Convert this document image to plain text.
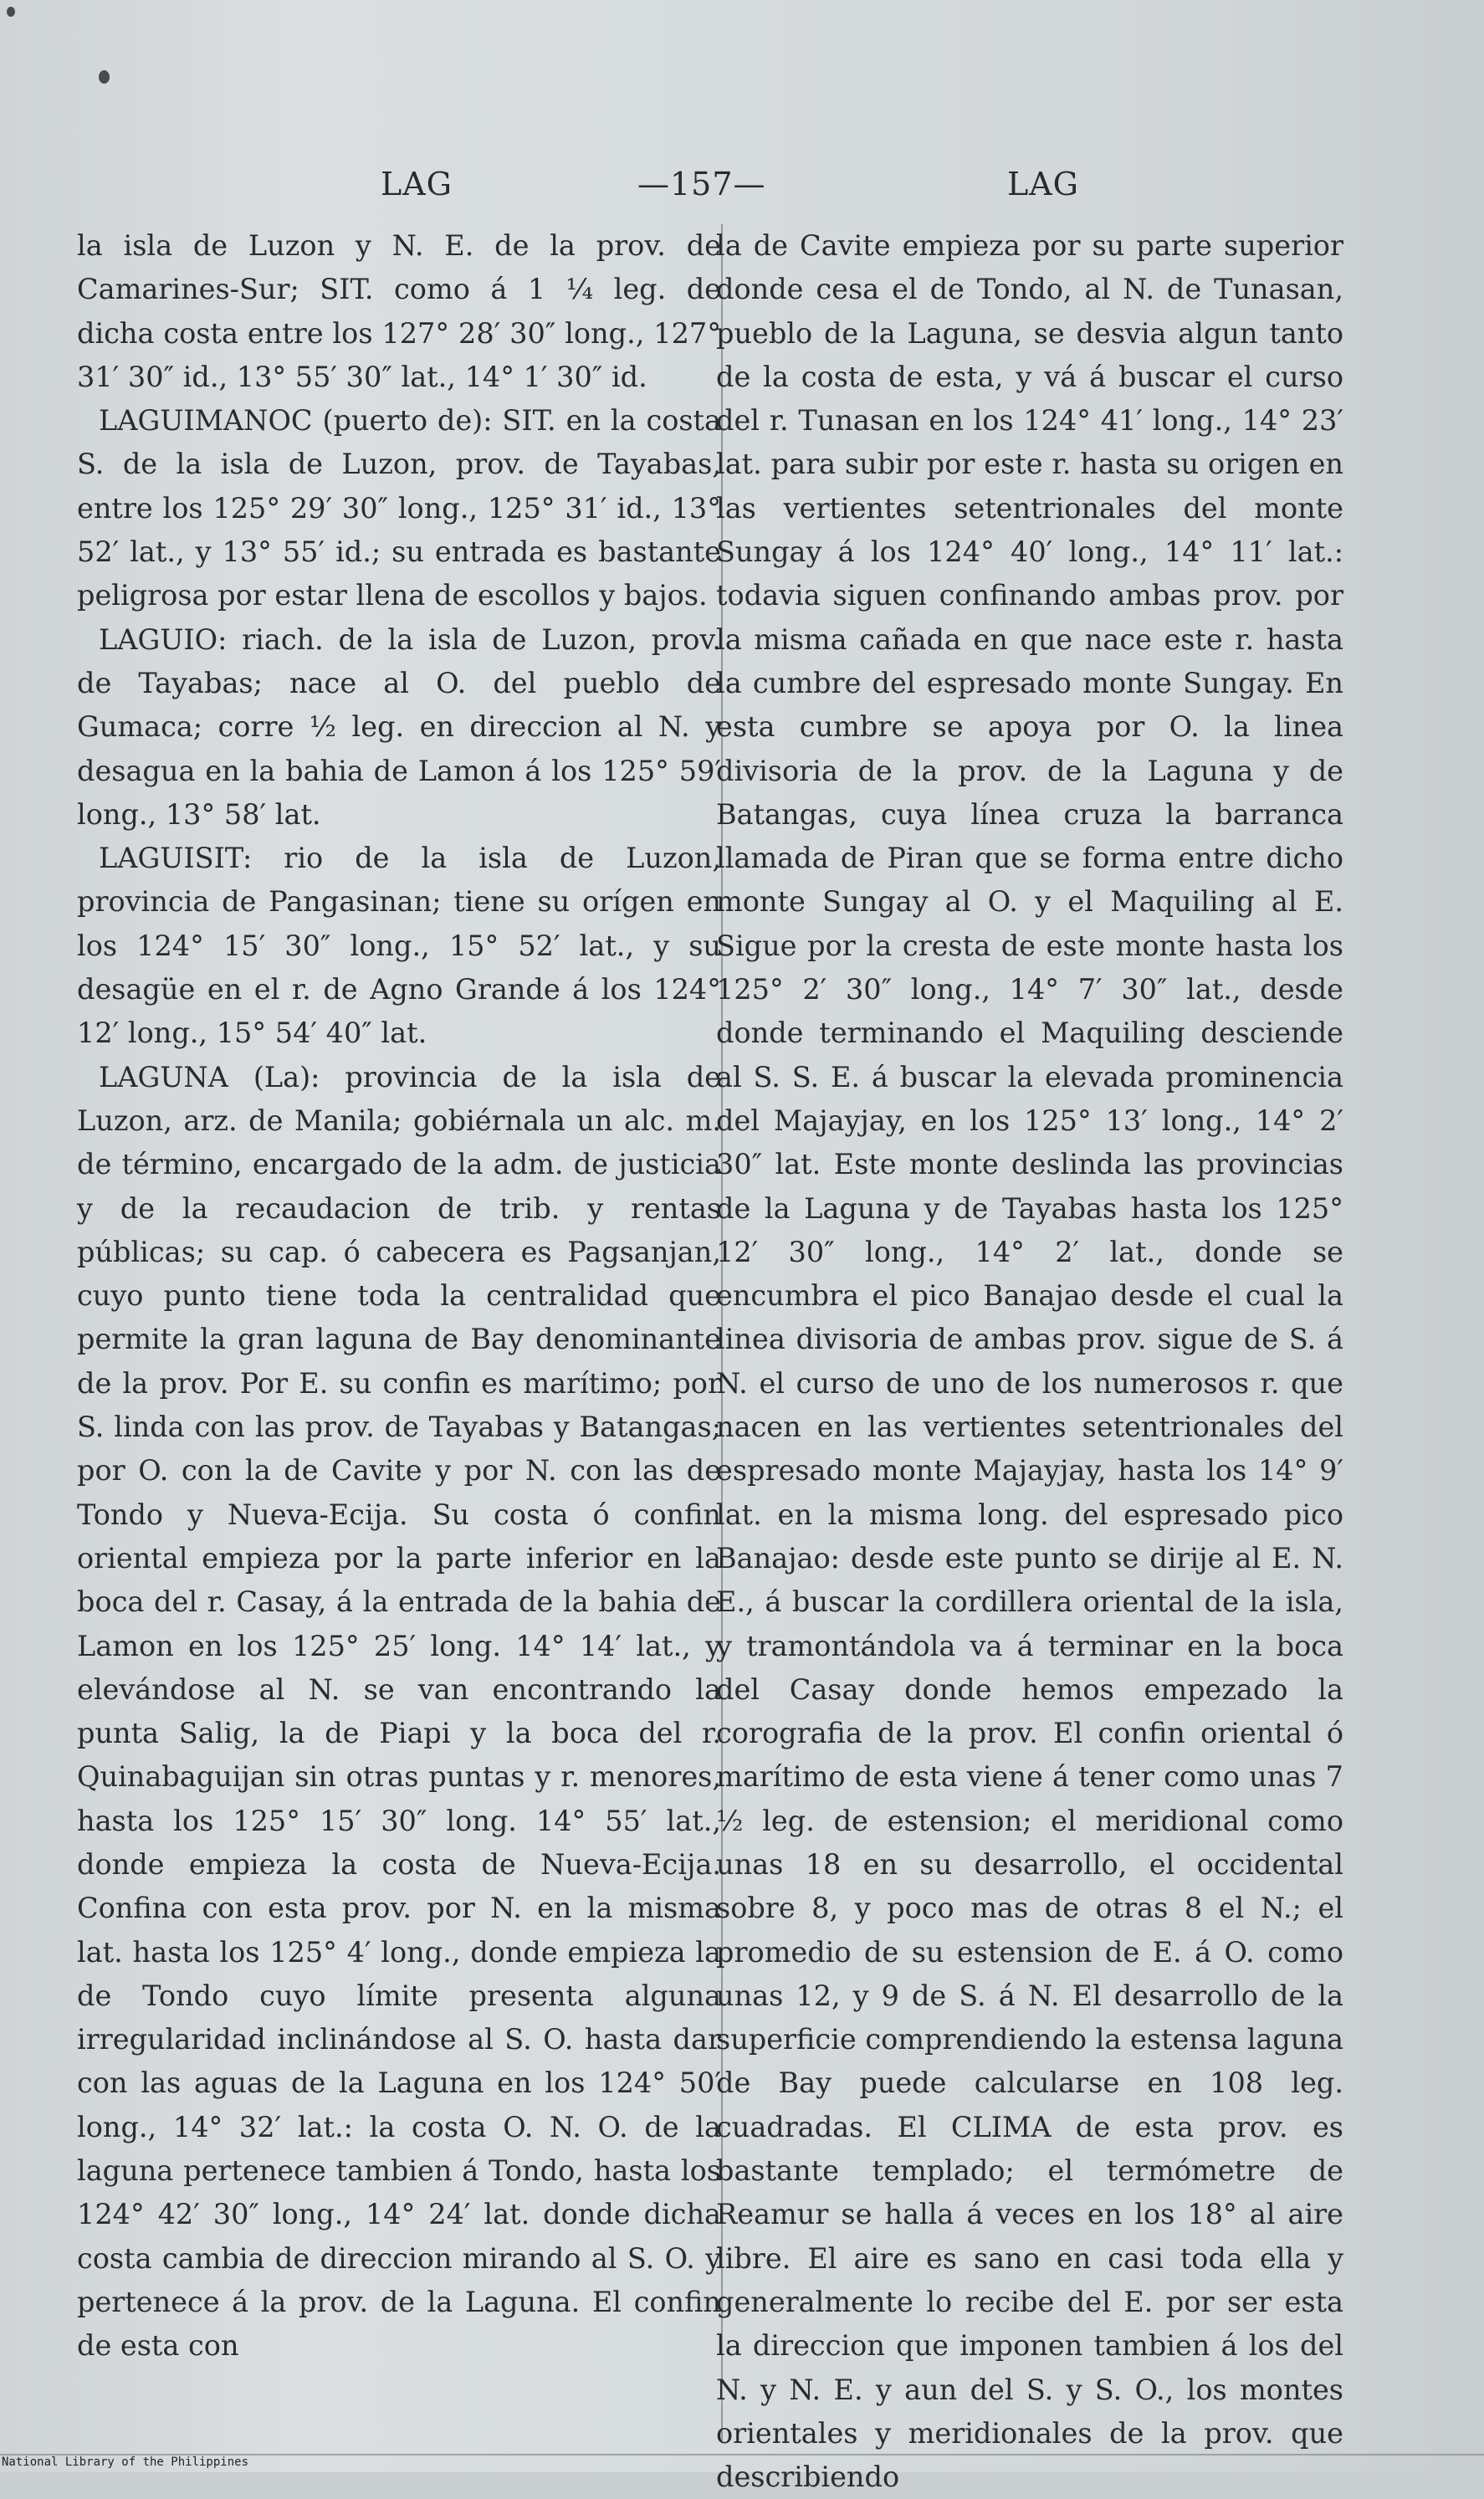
LAG	—157—	LAG

la isla de Luzon y N. E. de la prov. de Camarines-Sur; SIT. como á 1 ¼ leg. de dicha costa entre los 127° 28′ 30″ long., 127° 31′ 30″ id., 13° 55′ 30″ lat., 14° 1′ 30″ id.

LAGUIMANOC (puerto de): SIT. en la costa S. de la isla de Luzon, prov. de Tayabas, entre los 125° 29′ 30″ long., 125° 31′ id., 13° 52′ lat., y 13° 55′ id.; su entrada es bastante peligrosa por estar llena de escollos y bajos.

LAGUIO: riach. de la isla de Luzon, prov. de Tayabas; nace al O. del pueblo de Gumaca; corre ½ leg. en direccion al N. y desagua en la bahia de Lamon á los 125° 59′ long., 13° 58′ lat.

LAGUISIT: rio de la isla de Luzon, provincia de Pangasinan; tiene su orígen en los 124° 15′ 30″ long., 15° 52′ lat., y su desagüe en el r. de Agno Grande á los 124° 12′ long., 15° 54′ 40″ lat.

LAGUNA (La): provincia de la isla de Luzon, arz. de Manila; gobiérnala un alc. m. de término, encargado de la adm. de justicia y de la recaudacion de trib. y rentas públicas; su cap. ó cabecera es Pagsanjan, cuyo punto tiene toda la centralidad que permite la gran laguna de Bay denominante de la prov. Por E. su confin es marítimo; por S. linda con las prov. de Tayabas y Batangas; por O. con la de Cavite y por N. con las de Tondo y Nueva-Ecija. Su costa ó confin oriental empieza por la parte inferior en la boca del r. Casay, á la entrada de la bahia de Lamon en los 125° 25′ long. 14° 14′ lat., y elevándose al N. se van encontrando la punta Salig, la de Piapi y la boca del r. Quinabaguijan sin otras puntas y r. menores, hasta los 125° 15′ 30″ long. 14° 55′ lat., donde empieza la costa de Nueva-Ecija. Confina con esta prov. por N. en la misma lat. hasta los 125° 4′ long., donde empieza la de Tondo cuyo límite presenta alguna irregularidad inclinándose al S. O. hasta dar con las aguas de la Laguna en los 124° 50′ long., 14° 32′ lat.: la costa O. N. O. de la laguna pertenece tambien á Tondo, hasta los 124° 42′ 30″ long., 14° 24′ lat. donde dicha costa cambia de direccion mirando al S. O. y pertenece á la prov. de la Laguna. El confin de esta con

la de Cavite empieza por su parte superior donde cesa el de Tondo, al N. de Tunasan, pueblo de la Laguna, se desvia algun tanto de la costa de esta, y vá á buscar el curso del r. Tunasan en los 124° 41′ long., 14° 23′ lat. para subir por este r. hasta su origen en las vertientes setentrionales del monte Sungay á los 124° 40′ long., 14° 11′ lat.: todavia siguen confinando ambas prov. por la misma cañada en que nace este r. hasta la cumbre del espresado monte Sungay. En esta cumbre se apoya por O. la linea divisoria de la prov. de la Laguna y de Batangas, cuya línea cruza la barranca llamada de Piran que se forma entre dicho monte Sungay al O. y el Maquiling al E. Sigue por la cresta de este monte hasta los 125° 2′ 30″ long., 14° 7′ 30″ lat., desde donde terminando el Maquiling desciende al S. S. E. á buscar la elevada prominencia del Majayjay, en los 125° 13′ long., 14° 2′ 30″ lat. Este monte deslinda las provincias de la Laguna y de Tayabas hasta los 125° 12′ 30″ long., 14° 2′ lat., donde se encumbra el pico Banajao desde el cual la linea divisoria de ambas prov. sigue de S. á N. el curso de uno de los numerosos r. que nacen en las vertientes setentrionales del espresado monte Majayjay, hasta los 14° 9′ lat. en la misma long. del espresado pico Banajao: desde este punto se dirije al E. N. E., á buscar la cordillera oriental de la isla, y tramontándola va á terminar en la boca del Casay donde hemos empezado la corografia de la prov. El confin oriental ó marítimo de esta viene á tener como unas 7 ½ leg. de estension; el meridional como unas 18 en su desarrollo, el occidental sobre 8, y poco mas de otras 8 el N.; el promedio de su estension de E. á O. como unas 12, y 9 de S. á N. El desarrollo de la superficie comprendiendo la estensa laguna de Bay puede calcularse en 108 leg. cuadradas. El CLIMA de esta prov. es bastante templado; el termómetre de Reamur se halla á veces en los 18° al aire libre. El aire es sano en casi toda ella y generalmente lo recibe del E. por ser esta la direccion que imponen tambien á los del N. y N. E. y aun del S. y S. O., los montes orientales y meridionales de la prov. que describiendo

National Library of the Philippines
